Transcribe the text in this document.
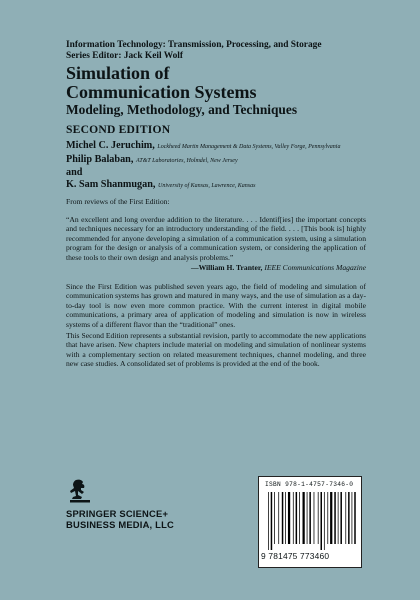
Information Technology: Transmission, Processing, and Storage
Series Editor: Jack Keil Wolf
Simulation of
Communication Systems
Modeling, Methodology, and Techniques
SECOND EDITION
Michel C. Jeruchim, Lockheed Martin Management & Data Systems, Valley Forge, Pennsylvania
Philip Balaban, AT&T Laboratories, Holmdel, New Jersey
and
K. Sam Shanmugan, University of Kansas, Lawrence, Kansas
From reviews of the First Edition:
“An excellent and long overdue addition to the literature. . . . Identif[ies] the important concepts and techniques necessary for an introductory understanding of the field. . . . [This book is] highly recommended for anyone developing a simulation of a communication system, using a simulation program for the design or analysis of a communication system, or considering the application of these tools to their own design and analysis problems.”
—William H. Tranter, IEEE Communications Magazine
Since the First Edition was published seven years ago, the field of modeling and simulation of communication systems has grown and matured in many ways, and the use of simulation as a day-to-day tool is now even more common practice. With the current interest in digital mobile communications, a primary area of application of modeling and simulation is now in wireless systems of a different flavor than the “traditional” ones.
This Second Edition represents a substantial revision, partly to accommodate the new applications that have arisen. New chapters include material on modeling and simulation of nonlinear systems with a complementary section on related measurement techniques, channel modeling, and three new case studies. A consolidated set of problems is provided at the end of the book.
SPRINGER SCIENCE+
BUSINESS MEDIA, LLC
ISBN 978-1-4757-7346-0
9 781475 773460
